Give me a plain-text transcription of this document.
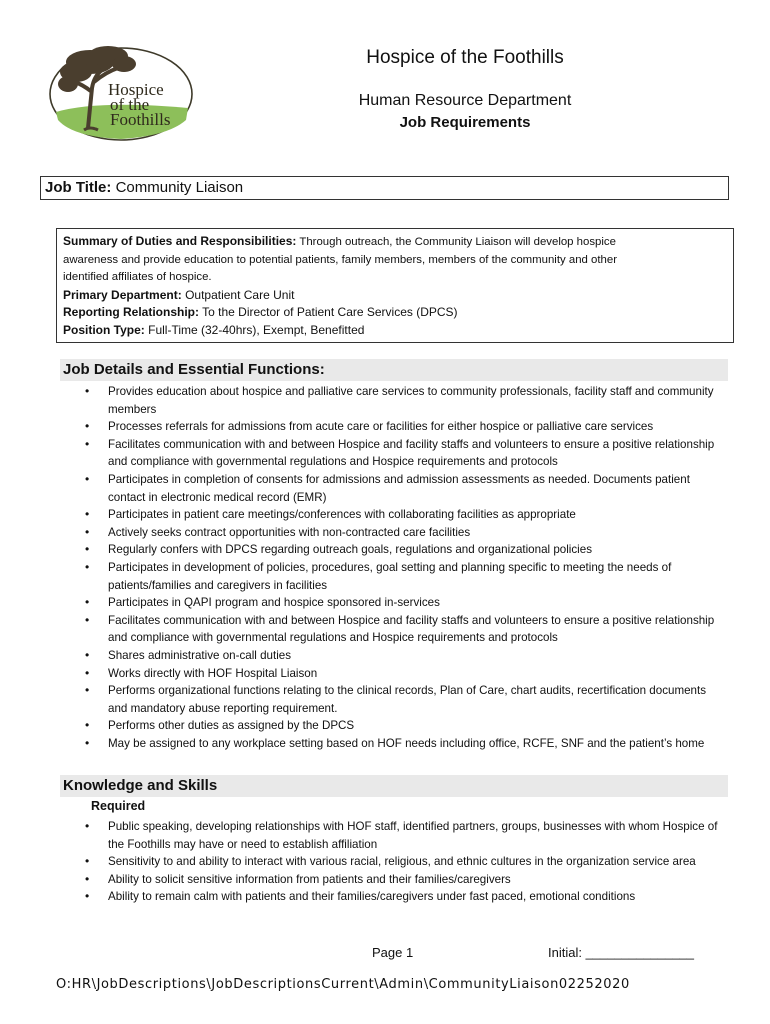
Hospice
of the
Foothills
Hospice of the Foothills
Human Resource Department
Job Requirements
Job Title: Community Liaison
Summary of Duties and Responsibilities: Through outreach, the Community Liaison will develop hospice
awareness and provide education to potential patients, family members, members of the community and other
identified affiliates of hospice.
Primary Department: Outpatient Care Unit
Reporting Relationship: To the Director of Patient Care Services (DPCS)
Position Type: Full-Time (32-40hrs), Exempt, Benefitted
Job Details and Essential Functions:
• Provides education about hospice and palliative care services to community professionals, facility staff and community members
• Processes referrals for admissions from acute care or facilities for either hospice or palliative care services
• Facilitates communication with and between Hospice and facility staffs and volunteers to ensure a positive relationship and compliance with governmental regulations and Hospice requirements and protocols
• Participates in completion of consents for admissions and admission assessments as needed. Documents patient contact in electronic medical record (EMR)
• Participates in patient care meetings/conferences with collaborating facilities as appropriate
• Actively seeks contract opportunities with non-contracted care facilities
• Regularly confers with DPCS regarding outreach goals, regulations and organizational policies
• Participates in development of policies, procedures, goal setting and planning specific to meeting the needs of patients/families and caregivers in facilities
• Participates in QAPI program and hospice sponsored in-services
• Facilitates communication with and between Hospice and facility staffs and volunteers to ensure a positive relationship and compliance with governmental regulations and Hospice requirements and protocols
• Shares administrative on-call duties
• Works directly with HOF Hospital Liaison
• Performs organizational functions relating to the clinical records, Plan of Care, chart audits, recertification documents and mandatory abuse reporting requirement.
• Performs other duties as assigned by the DPCS
• May be assigned to any workplace setting based on HOF needs including office, RCFE, SNF and the patient’s home
Knowledge and Skills
Required
• Public speaking, developing relationships with HOF staff, identified partners, groups, businesses with whom Hospice of the Foothills may have or need to establish affiliation
• Sensitivity to and ability to interact with various racial, religious, and ethnic cultures in the organization service area
• Ability to solicit sensitive information from patients and their families/caregivers
• Ability to remain calm with patients and their families/caregivers under fast paced, emotional conditions
Page 1	Initial: _______________
O:HR\JobDescriptions\JobDescriptionsCurrent\Admin\CommunityLiaison02252020
